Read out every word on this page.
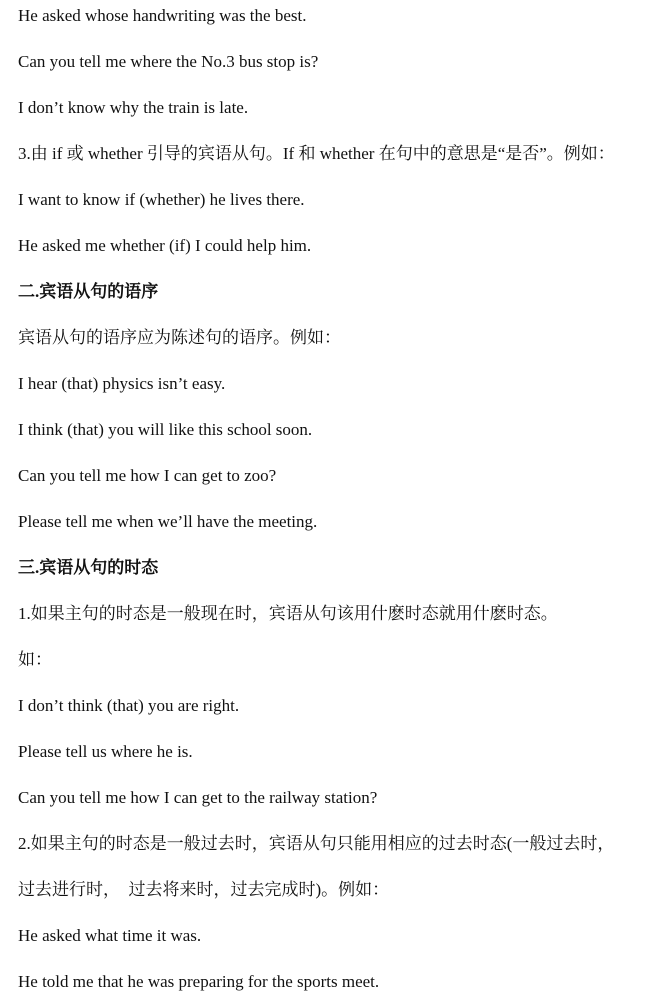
He asked whose handwriting was the best.
Can you tell me where the No.3 bus stop is?
I don’t know why the train is late.
3.由 if 或 whether 引导的宾语从句。If 和 whether 在句中的意思是“是否”。例如：
I want to know if (whether) he lives there.
He asked me whether (if) I could help him.
二.宾语从句的语序
宾语从句的语序应为陈述句的语序。例如：
I hear (that) physics isn’t easy.
I think (that) you will like this school soon.
Can you tell me how I can get to zoo?
Please tell me when we’ll have the meeting.
三.宾语从句的时态
1.如果主句的时态是一般现在时，宾语从句该用什麽时态就用什麽时态。
如：
I don’t think (that) you are right.
Please tell us where he is.
Can you tell me how I can get to the railway station?
2.如果主句的时态是一般过去时，宾语从句只能用相应的过去时态(一般过去时，
过去进行时，　过去将来时，过去完成时)。例如：
He asked what time it was.
He told me that he was preparing for the sports meet.
